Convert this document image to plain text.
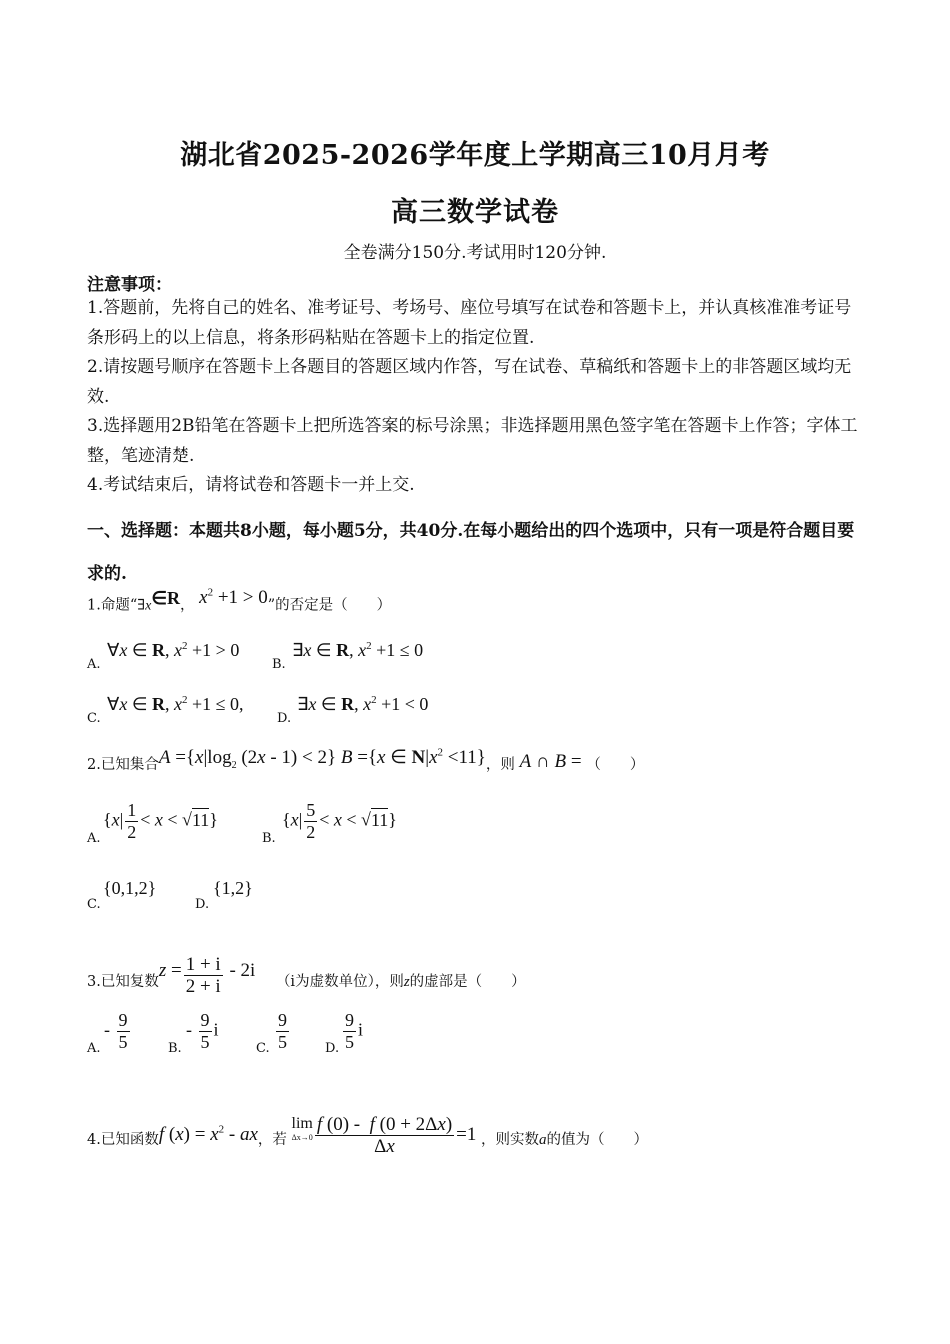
湖北省2025-2026学年度上学期高三10月月考
高三数学试卷
全卷满分150分.考试用时120分钟.
注意事项：

1.答题前，先将自己的姓名、准考证号、考场号、座位号填写在试卷和答题卡上，并认真核准准考证号条形码上的以上信息，将条形码粘贴在答题卡上的指定位置.

2.请按题号顺序在答题卡上各题目的答题区域内作答，写在试卷、草稿纸和答题卡上的非答题区域均无效.

3.选择题用2B铅笔在答题卡上把所选答案的标号涂黑；非选择题用黑色签字笔在答题卡上作答；字体工整，笔迹清楚.

4.考试结束后，请将试卷和答题卡一并上交.

一、选择题：本题共8小题，每小题5分，共40分.在每小题给出的四个选项中，只有一项是符合题目要求的.
1.命题“∃x∈R， $x^2 +1 > 0$”的否定是（　　）
A.
∀x ∈ R, $x^2 +1 > 0$
B.
∃x ∈ R, $x^2 +1 \le 0$
C.
∀x ∈ R, $x^2 +1 \le 0$,
D.
∃x ∈ R, $x^2 +1 < 0$
2.已知集合$A =\{x|\log_2$ (2x - 1) < 2} B ={x ∈ $N|x^2 <11$}，则 A ∩ B = （　　）
A.
$\{x| \frac{1}{2} < x < √11\}$
B.
$\{x| \frac{5}{2} < x < √11\}$
C.
{0,1,2}
D.
{1,2}
3.已知复数$z = \frac{1 + i}{2 + i} - 2i$ （i为虚数单位），则z的虚部是（　　）
A.
- $\frac{9}{5}$	B.
- $\frac{9}{5}$ i
C. $\frac{9}{5}$	D. $\frac{9}{5}$ i
4.已知函数f $(x) = x^2$ - ax，若 lim
$\Delta x\to 0 \frac{f (0) - f (0 + 2\Delta x)}{\Delta x} =1$ ，则实数a的值为（　　）
